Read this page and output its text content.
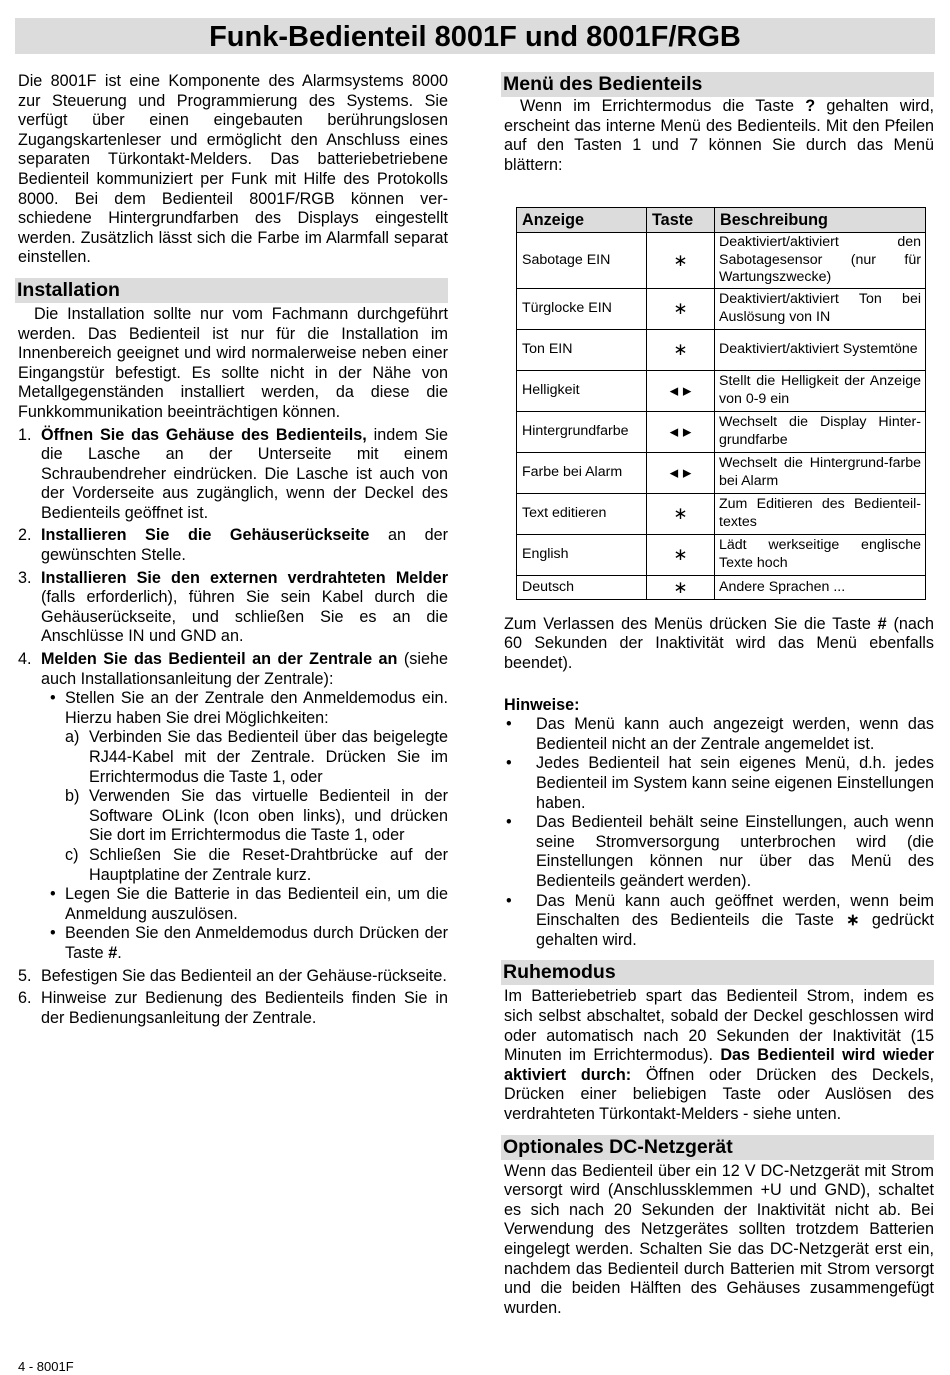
Funk-Bedienteil 8001F und 8001F/RGB

Die 8001F ist eine Komponente des Alarmsystems 8000 zur Steuerung und Programmierung des Systems. Sie verfügt über einen eingebauten berührungslosen Zugangskartenleser und ermöglicht den Anschluss eines separaten Türkontakt-Melders. Das batteriebetriebene Bedienteil kommuniziert per Funk mit Hilfe des Protokolls 8000. Bei dem Bedienteil 8001F/RGB können ver-schiedene Hintergrundfarben des Displays eingestellt werden. Zusätzlich lässt sich die Farbe im Alarmfall separat einstellen.

Installation

Die Installation sollte nur vom Fachmann durchgeführt werden. Das Bedienteil ist nur für die Installation im Innenbereich geeignet und wird normalerweise neben einer Eingangstür befestigt. Es sollte nicht in der Nähe von Metallgegenständen installiert werden, da diese die Funkkommunikation beeinträchtigen können.

1. Öffnen Sie das Gehäuse des Bedienteils, indem Sie die Lasche an der Unterseite mit einem Schraubendreher eindrücken. Die Lasche ist auch von der Vorderseite aus zugänglich, wenn der Deckel des Bedienteils geöffnet ist.
2. Installieren Sie die Gehäuserückseite an der gewünschten Stelle.
3. Installieren Sie den externen verdrahteten Melder (falls erforderlich), führen Sie sein Kabel durch die Gehäuserückseite, und schließen Sie es an die Anschlüsse IN und GND an.
4. Melden Sie das Bedienteil an der Zentrale an (siehe auch Installationsanleitung der Zentrale):
• Stellen Sie an der Zentrale den Anmeldemodus ein. Hierzu haben Sie drei Möglichkeiten:
a) Verbinden Sie das Bedienteil über das beigelegte RJ44-Kabel mit der Zentrale. Drücken Sie im Errichtermodus die Taste 1, oder
b) Verwenden Sie das virtuelle Bedienteil in der Software OLink (Icon oben links), und drücken Sie dort im Errichtermodus die Taste 1, oder
c) Schließen Sie die Reset-Drahtbrücke auf der Hauptplatine der Zentrale kurz.
• Legen Sie die Batterie in das Bedienteil ein, um die Anmeldung auszulösen.
• Beenden Sie den Anmeldemodus durch Drücken der Taste #.
5. Befestigen Sie das Bedienteil an der Gehäuse-rückseite.
6. Hinweise zur Bedienung des Bedienteils finden Sie in der Bedienungsanleitung der Zentrale.
Menü des Bedienteils

Wenn im Errichtermodus die Taste ? gehalten wird, erscheint das interne Menü des Bedienteils. Mit den Pfeilen auf den Tasten 1 und 7 können Sie durch das Menü blättern:

Anzeige	Taste	Beschreibung
Sabotage EIN	∗	Deaktiviert/aktiviert den Sabotagesensor (nur für Wartungszwecke)
Türglocke EIN	∗	Deaktiviert/aktiviert Ton bei Auslösung von IN
Ton EIN	∗	Deaktiviert/aktiviert Systemtöne
Helligkeit	◂ ▸	Stellt die Helligkeit der Anzeige von 0-9 ein
Hintergrundfarbe	◂ ▸	Wechselt die Display Hinter-grundfarbe
Farbe bei Alarm	◂ ▸	Wechselt die Hintergrund-farbe bei Alarm
Text editieren	∗	Zum Editieren des Bedienteil-textes
English	∗	Lädt werkseitige englische Texte hoch
Deutsch	∗	Andere Sprachen ...

Zum Verlassen des Menüs drücken Sie die Taste # (nach 60 Sekunden der Inaktivität wird das Menü ebenfalls beendet).

Hinweise:

• Das Menü kann auch angezeigt werden, wenn das Bedienteil nicht an der Zentrale angemeldet ist.
• Jedes Bedienteil hat sein eigenes Menü, d.h. jedes Bedienteil im System kann seine eigenen Einstellungen haben.
• Das Bedienteil behält seine Einstellungen, auch wenn seine Stromversorgung unterbrochen wird (die Einstellungen können nur über das Menü des Bedienteils geändert werden).
• Das Menü kann auch geöffnet werden, wenn beim Einschalten des Bedienteils die Taste ∗ gedrückt gehalten wird.
Ruhemodus

Im Batteriebetrieb spart das Bedienteil Strom, indem es sich selbst abschaltet, sobald der Deckel geschlossen wird oder automatisch nach 20 Sekunden der Inaktivität (15 Minuten im Errichtermodus). Das Bedienteil wird wieder aktiviert durch: Öffnen oder Drücken des Deckels, Drücken einer beliebigen Taste oder Auslösen des verdrahteten Türkontakt-Melders - siehe unten.

Optionales DC-Netzgerät

Wenn das Bedienteil über ein 12 V DC-Netzgerät mit Strom versorgt wird (Anschlussklemmen +U und GND), schaltet es sich nach 20 Sekunden der Inaktivität nicht ab. Bei Verwendung des Netzgerätes sollten trotzdem Batterien eingelegt werden. Schalten Sie das DC-Netzgerät erst ein, nachdem das Bedienteil durch Batterien mit Strom versorgt und die beiden Hälften des Gehäuses zusammengefügt wurden.

4 - 8001F
